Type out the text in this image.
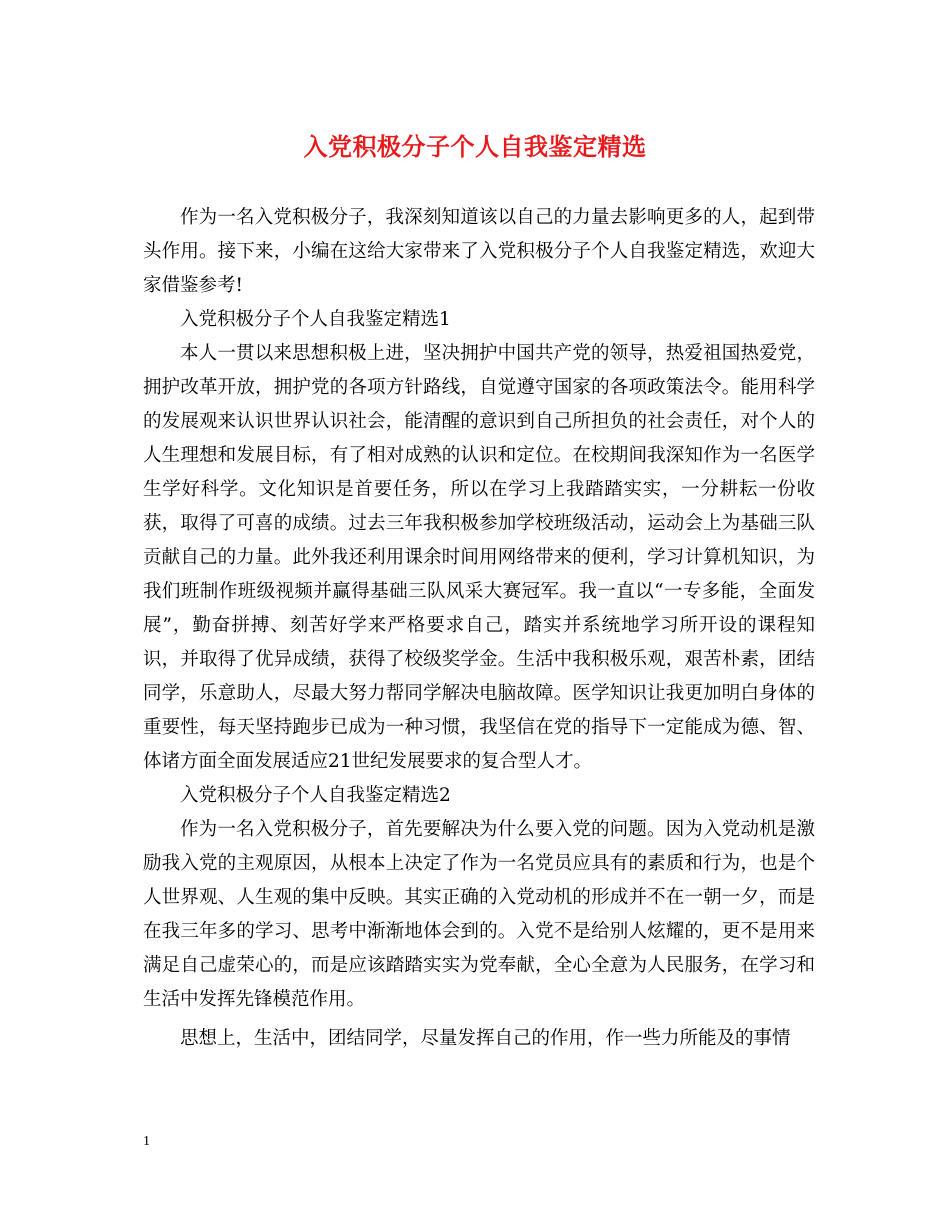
入党积极分子个人自我鉴定精选

作为一名入党积极分子，我深刻知道该以自己的力量去影响更多的人，起到带头作用。接下来，小编在这给大家带来了入党积极分子个人自我鉴定精选，欢迎大家借鉴参考!

入党积极分子个人自我鉴定精选1

本人一贯以来思想积极上进，坚决拥护中国共产党的领导，热爱祖国热爱党，拥护改革开放，拥护党的各项方针路线，自觉遵守国家的各项政策法令。能用科学的发展观来认识世界认识社会，能清醒的意识到自己所担负的社会责任，对个人的人生理想和发展目标，有了相对成熟的认识和定位。在校期间我深知作为一名医学生学好科学。文化知识是首要任务，所以在学习上我踏踏实实，一分耕耘一份收获，取得了可喜的成绩。过去三年我积极参加学校班级活动，运动会上为基础三队贡献自己的力量。此外我还利用课余时间用网络带来的便利，学习计算机知识，为我们班制作班级视频并赢得基础三队风采大赛冠军。我一直以“一专多能，全面发展”，勤奋拼搏、刻苦好学来严格要求自己，踏实并系统地学习所开设的课程知识，并取得了优异成绩，获得了校级奖学金。生活中我积极乐观，艰苦朴素，团结同学，乐意助人，尽最大努力帮同学解决电脑故障。医学知识让我更加明白身体的重要性，每天坚持跑步已成为一种习惯，我坚信在党的指导下一定能成为德、智、体诸方面全面发展适应21世纪发展要求的复合型人才。

入党积极分子个人自我鉴定精选2

作为一名入党积极分子，首先要解决为什么要入党的问题。因为入党动机是激励我入党的主观原因，从根本上决定了作为一名党员应具有的素质和行为，也是个人世界观、人生观的集中反映。其实正确的入党动机的形成并不在一朝一夕，而是在我三年多的学习、思考中渐渐地体会到的。入党不是给别人炫耀的，更不是用来满足自己虚荣心的，而是应该踏踏实实为党奉献，全心全意为人民服务，在学习和生活中发挥先锋模范作用。

思想上，生活中，团结同学，尽量发挥自己的作用，作一些力所能及的事情

1
